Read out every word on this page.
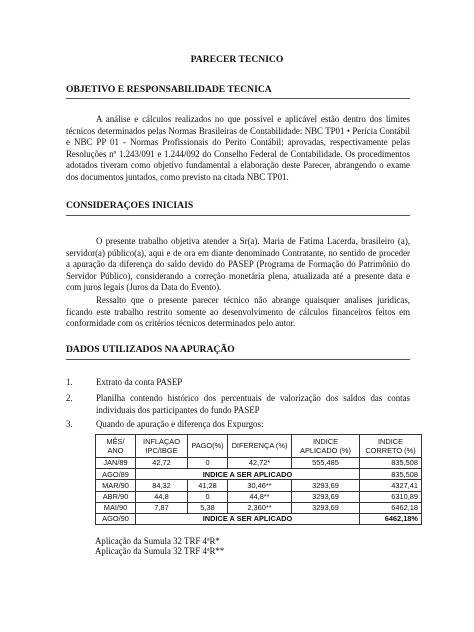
PARECER TECNICO
OBJETIVO E RESPONSABILIDADE TECNICA
A análise e cálculos realizados no que possível e aplicável estão dentro dos limites técnicos determinados pelas Normas Brasileiras de Contabilidade: NBC TP01 • Perícia Contábil e NBC PP 01 - Normas Profissionais do Perito Contábil; aprovadas, respectivamente pelas Resoluções nº 1.243/091 e 1.244/092 do Conselho Federal de Contabilidade. Os procedimentos adotados tiveram como objetivo fundamental a elaboração deste Parecer, abrangendo o exame dos documentos juntados, como previsto na citada NBC TP01.
CONSIDERAÇOES INICIAIS
O presente trabalho objetiva atender a Sr(a). Maria de Fatima Lacerda, brasileiro (a), servidor(a) público(a), aqui e de ora em diante denominado Contratante, no sentido de proceder a apuração da diferença do saldo devido do PASEP (Programa de Formação do Patrimônio do Servidor Público), considerando a correção monetária plena, atualizada até a presente data e com juros legais (Juros da Data do Evento).
Ressalto que o presente parecer técnico não abrange quaisquer analises jurídicas, ficando este trabalho restrito somente ao desenvolvimento de cálculos financeiros feitos em conformidade com os critérios técnicos determinados pelo autor.
DADOS UTILIZADOS NA APURAÇÃO
1.	Extrato da conta PASEP
2.	Planilha contendo histórico dos percentuais de valorização dos saldos das contas individuais dos participantes do fundo PASEP
3.	Quando de apuração e diferença dos Expurgos:
MÊS/ ANO	INFLAÇAO IPC/IBGE	PAGO(%)	DIFERENÇA (%)	INDICE APLICADO (%)	INDICE CORRETO (%)
JAN/89	42,72	0	42,72*	555,485	835,508
AGO/89	INDICE A SER APLICADO				835,508
MAR/90	84,32	41,28	30,46**	3293,69	4327,41
ABR/90	44,8	0	44,8**	3293,69	6310,89
MAI/90	7,87	5,38	2,360**	3293,69	6462,18
AGO/90	INDICE A SER APLICADO				6462,18%
Aplicação da Sumula 32 TRF 4ªR*
Aplicação da Sumula 32 TRF 4ªR**
